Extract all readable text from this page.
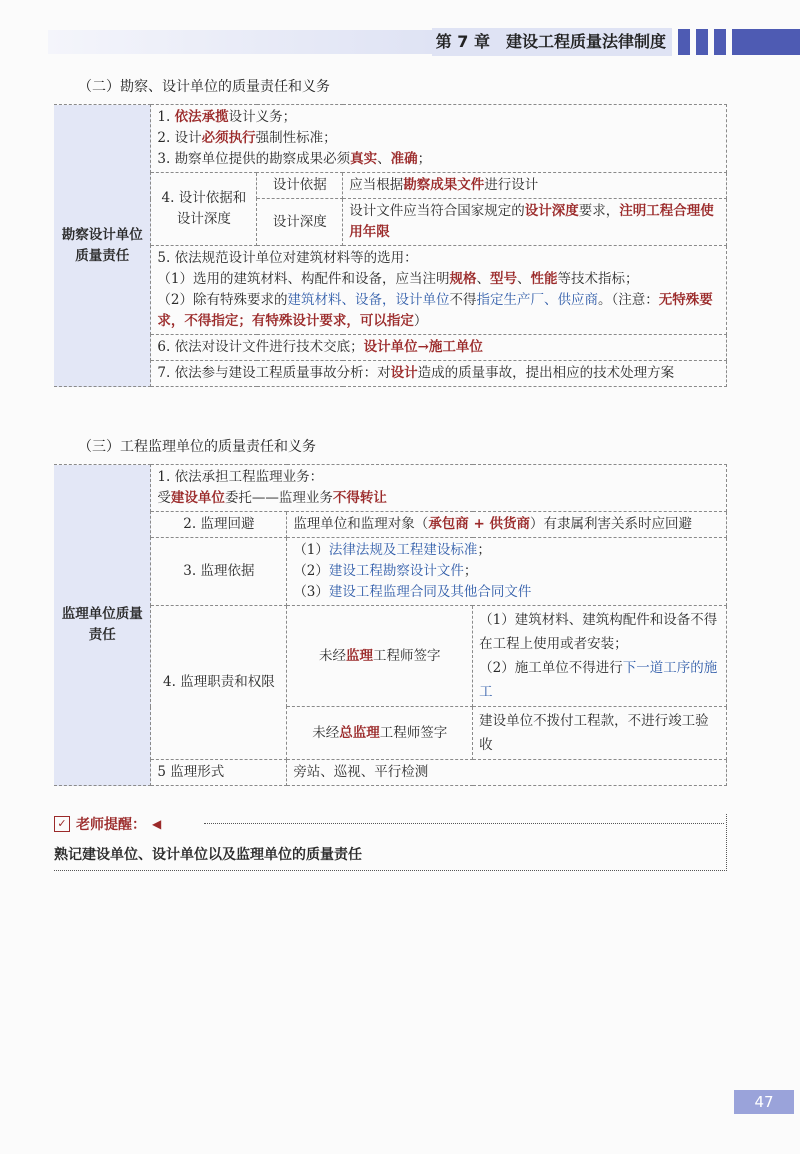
第 7 章　建设工程质量法律制度
（二）勘察、设计单位的质量责任和义务
勘察设计单位质量责任	1. 依法承揽设计义务；
2. 设计必须执行强制性标准；
3. 勘察单位提供的勘察成果必须真实、准确；		

	4. 设计依据和
设计深度	设计依据	应当根据勘察成果文件进行设计
		设计深度	设计文件应当符合国家规定的设计深度要求，注明工程合理使用年限

	5. 依法规范设计单位对建筑材料等的选用：
（1）选用的建筑材料、构配件和设备，应当注明规格、型号、性能等技术指标；
（2）除有特殊要求的建筑材料、设备，设计单位不得指定生产厂、供应商。（注意：无特殊要求，不得指定；有特殊设计要求，可以指定）		

	6. 依法对设计文件进行技术交底；设计单位→施工单位		
	7. 依法参与建设工程质量事故分析：对设计造成的质量事故，提出相应的技术处理方案		
（三）工程监理单位的质量责任和义务
监理单位质量责任	1. 依法承担工程监理业务：
受建设单位委托——监理业务不得转让		

	2. 监理回避	监理单位和监理对象（承包商 + 供货商）有隶属利害关系时应回避	
	3. 监理依据	（1）法律法规及工程建设标准；
（2）建设工程勘察设计文件；
（3）建设工程监理合同及其他合同文件	

	4. 监理职责和权限	未经监理工程师签字	（1）建筑材料、建筑构配件和设备不得在工程上使用或者安装；
（2）施工单位不得进行下一道工序的施工

		未经总监理工程师签字	建设单位不拨付工程款，不进行竣工验收
	5 监理形式	旁站、巡视、平行检测	
✓ 老师提醒： ◀
熟记建设单位、设计单位以及监理单位的质量责任
47
